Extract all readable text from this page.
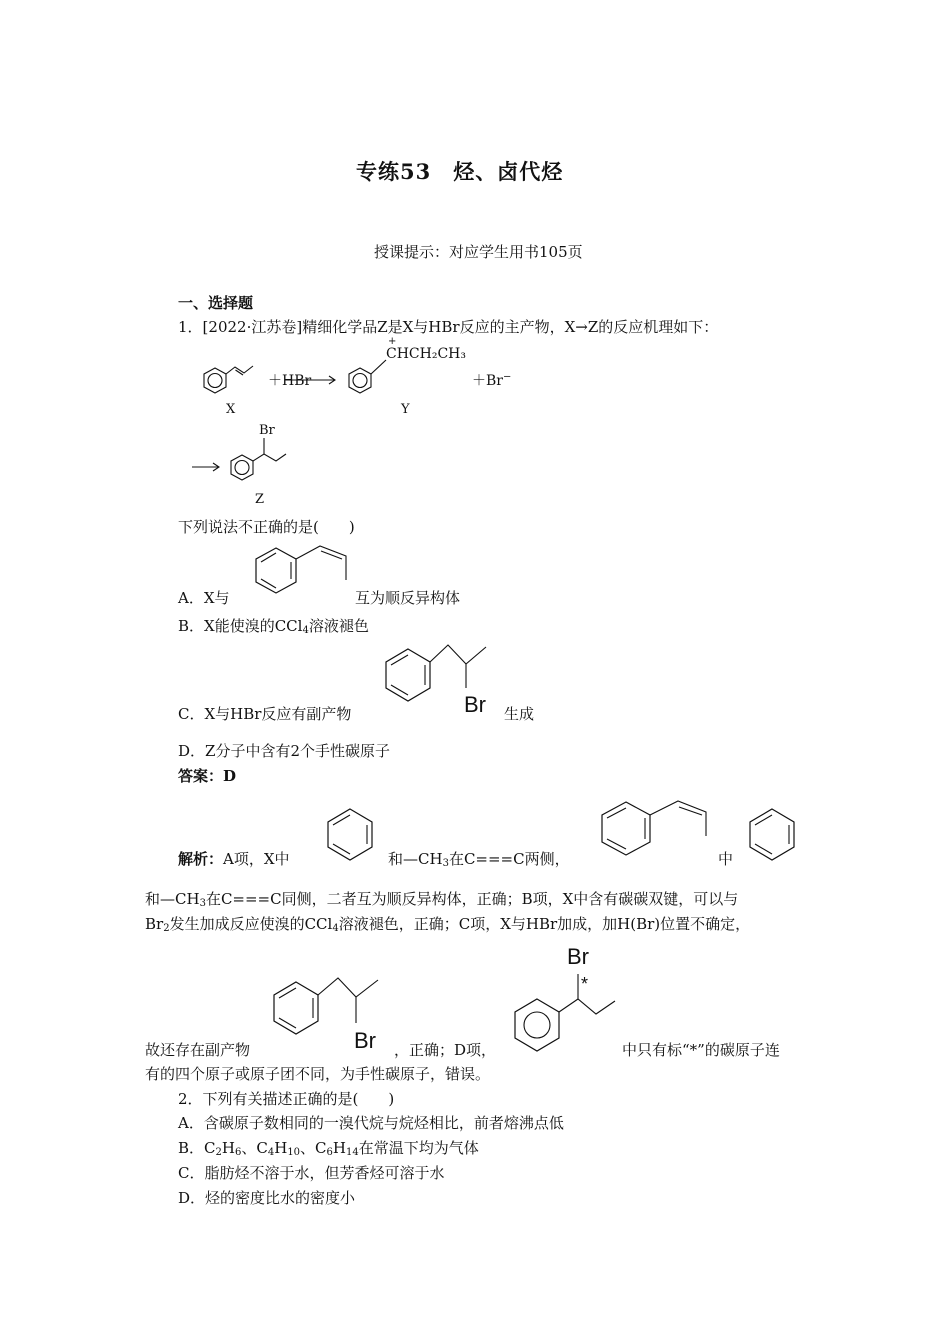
专练53　烃、卤代烃
授课提示：对应学生用书105页
一、选择题
1．[2022·江苏卷]精细化学品Z是X与HBr反应的主产物，X→Z的反应机理如下：
＋HBr
+
CHCH₂CH₃
＋Br−
X	Y
Br
Z
下列说法不正确的是(　　)
A．X与	互为顺反异构体
B．X能使溴的CCl$_4$溶液褪色
Br
C．X与HBr反应有副产物	生成
D．Z分子中含有2个手性碳原子
答案：D
解析：A项，X中	和$—CH_3$在C===C两侧，	中
和$—CH_3$在C===C同侧，二者互为顺反异构体，正确；B项，X中含有碳碳双键，可以与
$Br_2$发生加成反应使溴的CCl$_4$溶液褪色，正确；C项，X与HBr加成，加H(Br)位置不确定，
Br
Br
*
故还存在副产物	，正确；D项，	中只有标“*”的碳原子连
有的四个原子或原子团不同，为手性碳原子，错误。
2．下列有关描述正确的是(　　)
A．含碳原子数相同的一溴代烷与烷烃相比，前者熔沸点低
B．$C_2H_6$、$C_4H_{10}$、$C_6H_{14}$在常温下均为气体
C．脂肪烃不溶于水，但芳香烃可溶于水
D．烃的密度比水的密度小
